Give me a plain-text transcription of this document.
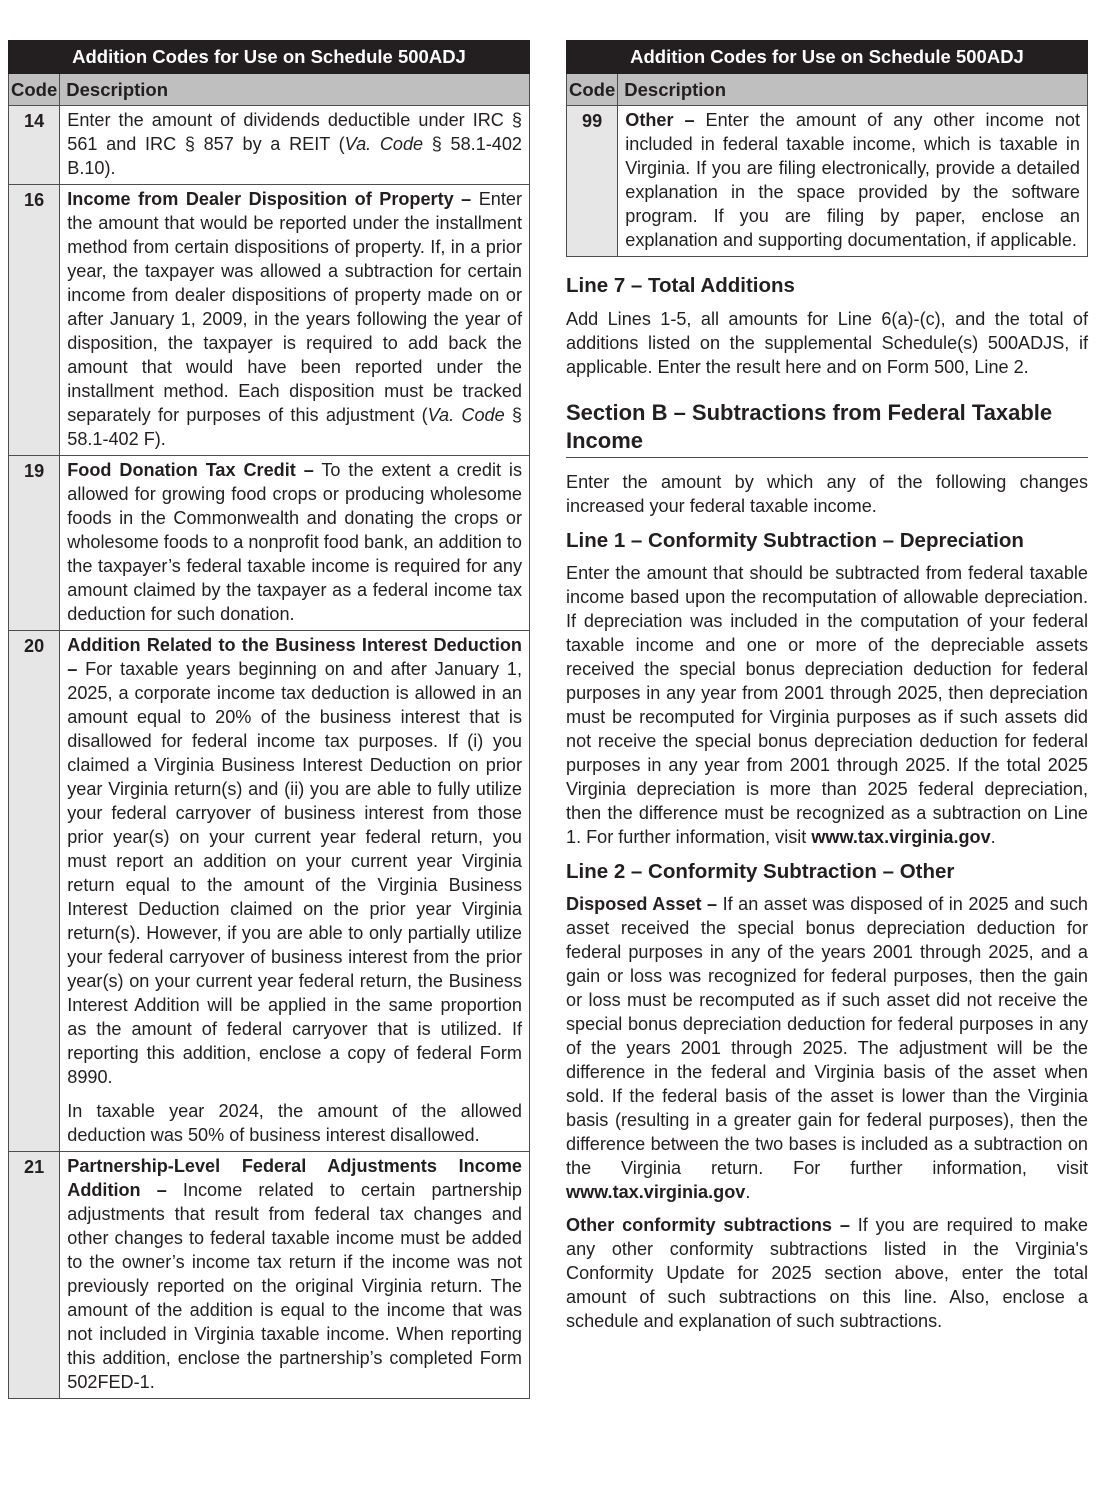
Addition Codes for Use on Schedule 500ADJ	
Code	Description
14	Enter the amount of dividends deductible under IRC § 561 and IRC § 857 by a REIT (Va. Code § 58.1-402 B.10).
16	Income from Dealer Disposition of Property – Enter the amount that would be reported under the installment method from certain dispositions of property. If, in a prior year, the taxpayer was allowed a subtraction for certain income from dealer dispositions of property made on or after January 1, 2009, in the years following the year of disposition, the taxpayer is required to add back the amount that would have been reported under the installment method. Each disposition must be tracked separately for purposes of this adjustment (Va. Code § 58.1-402 F).
19	Food Donation Tax Credit – To the extent a credit is allowed for growing food crops or producing wholesome foods in the Commonwealth and donating the crops or wholesome foods to a nonprofit food bank, an addition to the taxpayer’s federal taxable income is required for any amount claimed by the taxpayer as a federal income tax deduction for such donation.
20	Addition Related to the Business Interest Deduction – For taxable years beginning on and after January 1, 2025, a corporate income tax deduction is allowed in an amount equal to 20% of the business interest that is disallowed for federal income tax purposes. If (i) you claimed a Virginia Business Interest Deduction on prior year Virginia return(s) and (ii) you are able to fully utilize your federal carryover of business interest from those prior year(s) on your current year federal return, you must report an addition on your current year Virginia return equal to the amount of the Virginia Business Interest Deduction claimed on the prior year Virginia return(s). However, if you are able to only partially utilize your federal carryover of business interest from the prior year(s) on your current year federal return, the Business Interest Addition will be applied in the same proportion as the amount of federal carryover that is utilized. If reporting this addition, enclose a copy of federal Form 8990.

In taxable year 2024, the amount of the allowed deduction was 50% of business interest disallowed.

21	Partnership-Level Federal Adjustments Income Addition – Income related to certain partnership adjustments that result from federal tax changes and other changes to federal taxable income must be added to the owner’s income tax return if the income was not previously reported on the original Virginia return. The amount of the addition is equal to the income that was not included in Virginia taxable income. When reporting this addition, enclose the partnership’s completed Form 502FED-1.
Addition Codes for Use on Schedule 500ADJ	
Code	Description
99	Other – Enter the amount of any other income not included in federal taxable income, which is taxable in Virginia. If you are filing electronically, provide a detailed explanation in the space provided by the software program. If you are filing by paper, enclose an explanation and supporting documentation, if applicable.
Line 7 – Total Additions

Add Lines 1-5, all amounts for Line 6(a)-(c), and the total of additions listed on the supplemental Schedule(s) 500ADJS, if applicable. Enter the result here and on Form 500, Line 2.

Section B – Subtractions from Federal Taxable Income

Enter the amount by which any of the following changes increased your federal taxable income.

Line 1 – Conformity Subtraction – Depreciation

Enter the amount that should be subtracted from federal taxable income based upon the recomputation of allowable depreciation. If depreciation was included in the computation of your federal taxable income and one or more of the depreciable assets received the special bonus depreciation deduction for federal purposes in any year from 2001 through 2025, then depreciation must be recomputed for Virginia purposes as if such assets did not receive the special bonus depreciation deduction for federal purposes in any year from 2001 through 2025. If the total 2025 Virginia depreciation is more than 2025 federal depreciation, then the difference must be recognized as a subtraction on Line 1. For further information, visit www.tax.virginia.gov.

Line 2 – Conformity Subtraction – Other

Disposed Asset – If an asset was disposed of in 2025 and such asset received the special bonus depreciation deduction for federal purposes in any of the years 2001 through 2025, and a gain or loss was recognized for federal purposes, then the gain or loss must be recomputed as if such asset did not receive the special bonus depreciation deduction for federal purposes in any of the years 2001 through 2025. The adjustment will be the difference in the federal and Virginia basis of the asset when sold. If the federal basis of the asset is lower than the Virginia basis (resulting in a greater gain for federal purposes), then the difference between the two bases is included as a subtraction on the Virginia return. For further information, visit www.tax.virginia.gov.

Other conformity subtractions – If you are required to make any other conformity subtractions listed in the Virginia's Conformity Update for 2025 section above, enter the total amount of such subtractions on this line. Also, enclose a schedule and explanation of such subtractions.
